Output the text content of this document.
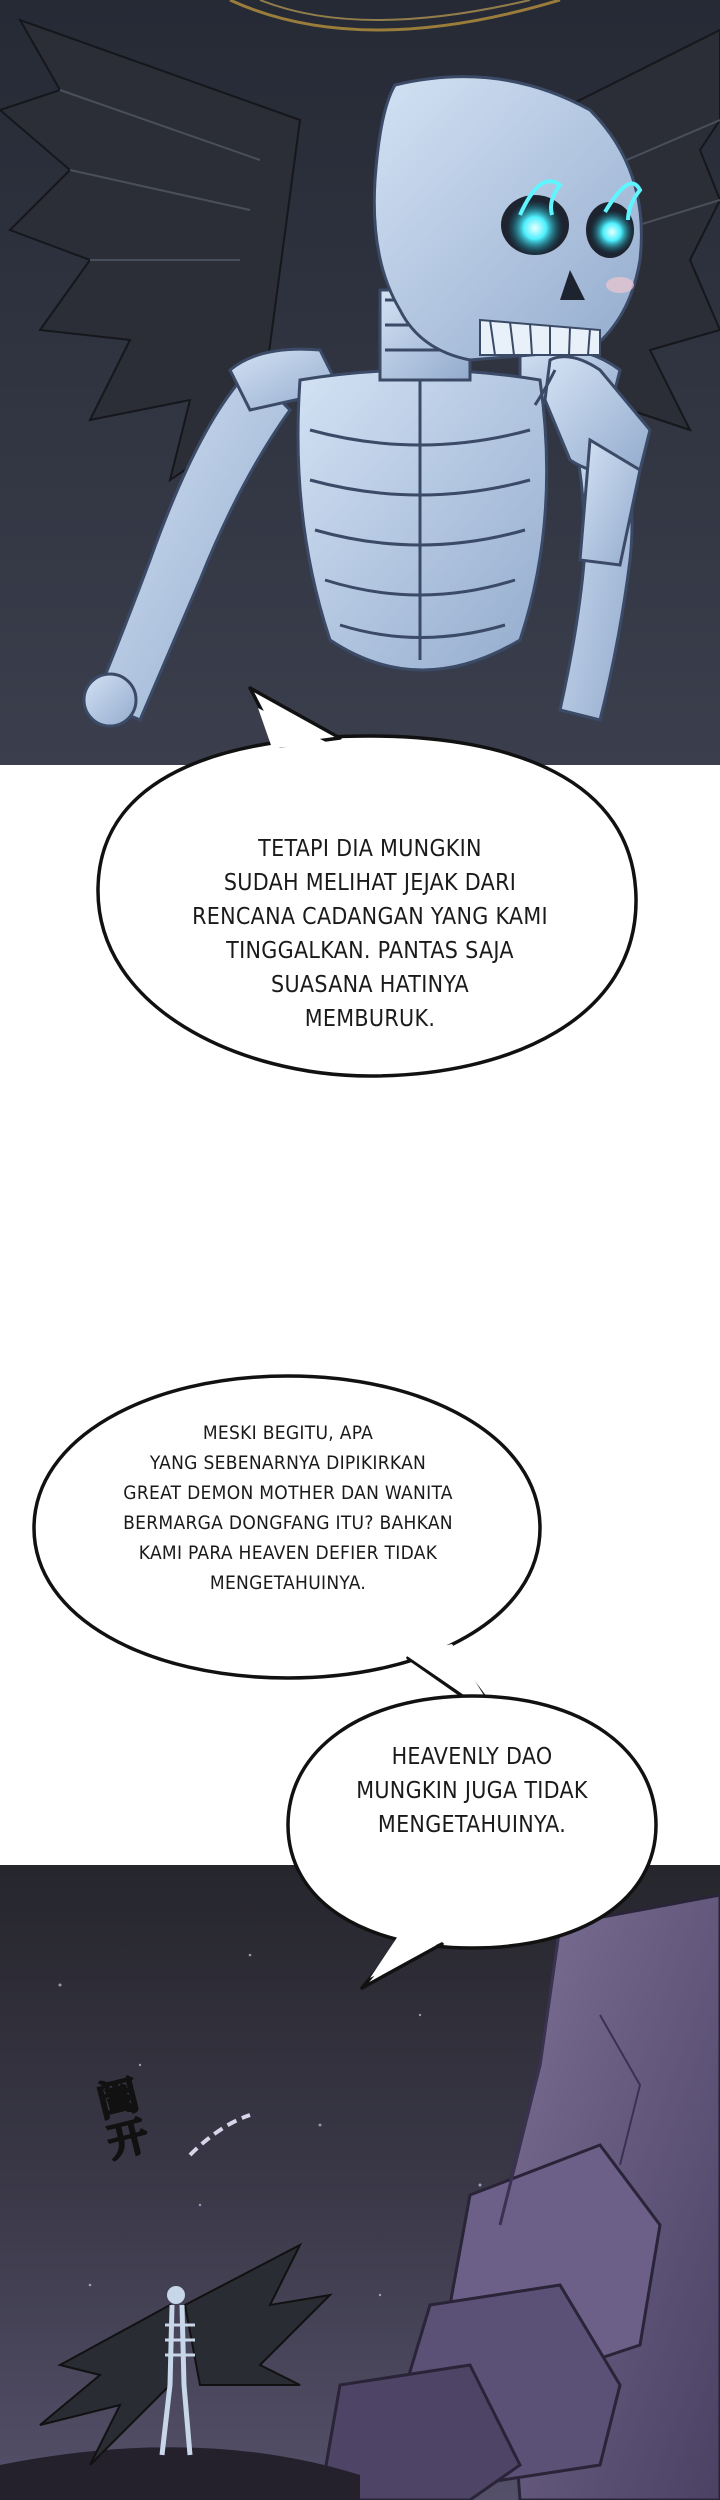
TETAPI DIA MUNGKIN
SUDAH MELIHAT JEJAK DARI
RENCANA CADANGAN YANG KAMI
TINGGALKAN. PANTAS SAJA
SUASANA HATINYA
MEMBURUK.
MESKI BEGITU, APA
YANG SEBENARNYA DIPIKIRKAN
GREAT DEMON MOTHER DAN WANITA
BERMARGA DONGFANG ITU? BAHKAN
KAMI PARA HEAVEN DEFIER TIDAK
MENGETAHUINYA.
阖开
HEAVENLY DAO
MUNGKIN JUGA TIDAK
MENGETAHUINYA.
